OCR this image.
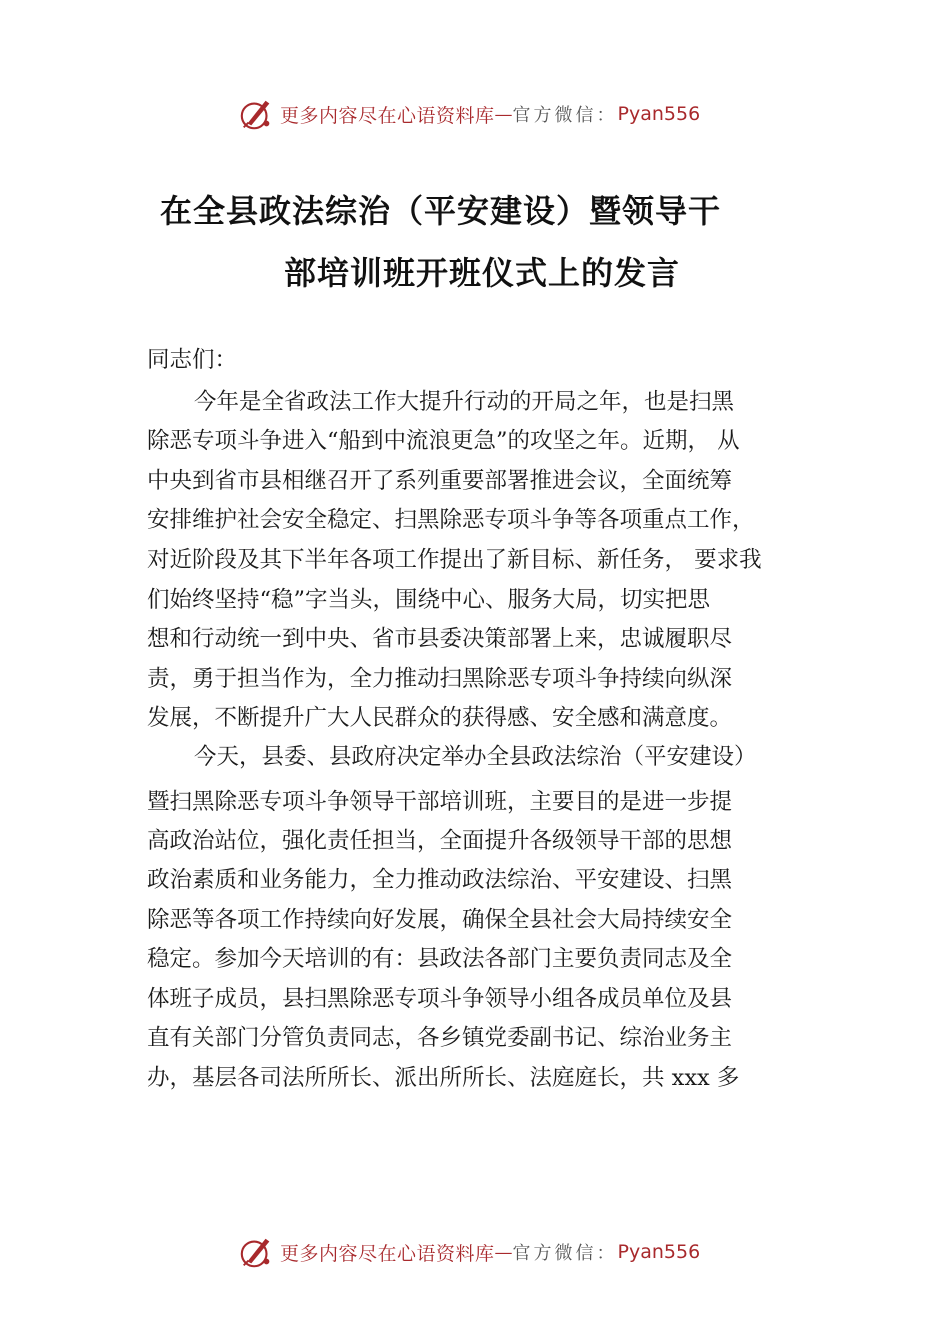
更多内容尽在心语资料库 — 官方微信： Pyan556
在全县政法综治（平安建设）暨领导干
部培训班开班仪式上的发言
同志们：
今年是全省政法工作大提升行动的开局之年，也是扫黑
除恶专项斗争进入“船到中流浪更急”的攻坚之年。近期， 从
中央到省市县相继召开了系列重要部署推进会议，全面统筹
安排维护社会安全稳定、扫黑除恶专项斗争等各项重点工作，
对近阶段及其下半年各项工作提出了新目标、新任务， 要求我
们始终坚持“稳”字当头，围绕中心、服务大局，切实把思
想和行动统一到中央、省市县委决策部署上来，忠诚履职尽
责，勇于担当作为，全力推动扫黑除恶专项斗争持续向纵深
发展，不断提升广大人民群众的获得感、安全感和满意度。
今天，县委、县政府决定举办全县政法综治（平安建设）
暨扫黑除恶专项斗争领导干部培训班，主要目的是进一步提
高政治站位，强化责任担当，全面提升各级领导干部的思想
政治素质和业务能力，全力推动政法综治、平安建设、扫黑
除恶等各项工作持续向好发展，确保全县社会大局持续安全
稳定。参加今天培训的有：县政法各部门主要负责同志及全
体班子成员，县扫黑除恶专项斗争领导小组各成员单位及县
直有关部门分管负责同志，各乡镇党委副书记、综治业务主
办，基层各司法所所长、派出所所长、法庭庭长，共 xxx 多
更多内容尽在心语资料库 — 官方微信： Pyan556
